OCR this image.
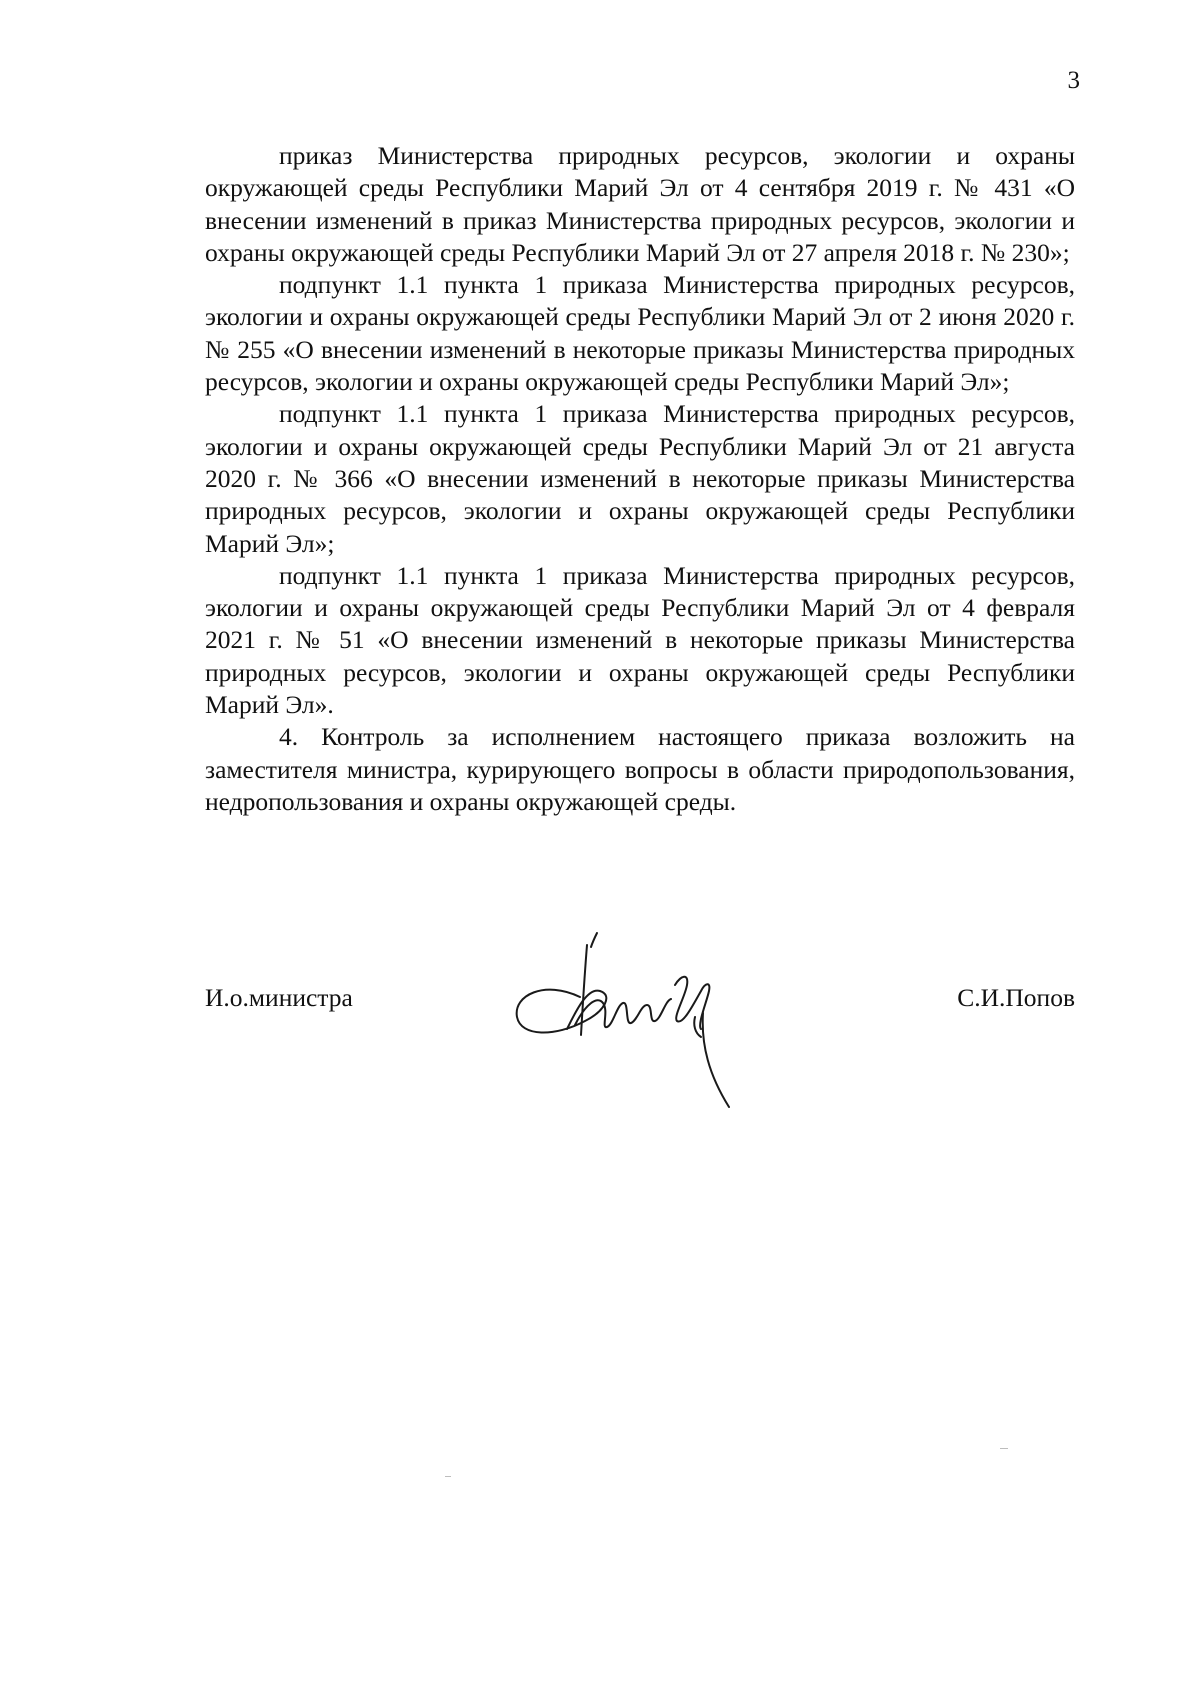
3

приказ Министерства природных ресурсов, экологии и охраны окружающей среды Республики Марий Эл от 4 сентября 2019 г. № 431 «О внесении изменений в приказ Министерства природных ресурсов, экологии и охраны окружающей среды Республики Марий Эл от 27 апреля 2018 г. № 230»;

подпункт 1.1 пункта 1 приказа Министерства природных ресурсов, экологии и охраны окружающей среды Республики Марий Эл от 2 июня 2020 г. № 255 «О внесении изменений в некоторые приказы Министерства природных ресурсов, экологии и охраны окружающей среды Республики Марий Эл»;

подпункт 1.1 пункта 1 приказа Министерства природных ресурсов, экологии и охраны окружающей среды Республики Марий Эл от 21 августа 2020 г. № 366 «О внесении изменений в некоторые приказы Министерства природных ресурсов, экологии и охраны окружающей среды Республики Марий Эл»;

подпункт 1.1 пункта 1 приказа Министерства природных ресурсов, экологии и охраны окружающей среды Республики Марий Эл от 4 февраля 2021 г. № 51 «О внесении изменений в некоторые приказы Министерства природных ресурсов, экологии и охраны окружающей среды Республики Марий Эл».

4. Контроль за исполнением настоящего приказа возложить на заместителя министра, курирующего вопросы в области природопользования, недропользования и охраны окружающей среды.

И.о.министра	С.И.Попов
